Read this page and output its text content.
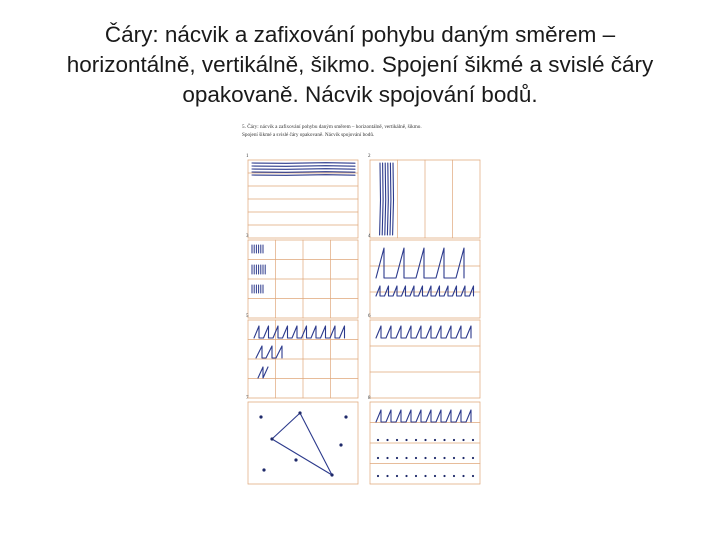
Čáry: nácvik a zafixování pohybu daným směrem –
horizontálně, vertikálně, šikmo. Spojení šikmé a svislé čáry
opakovaně. Nácvik spojování bodů.
5. Čáry: nácvik a zafixování pohybu daným směrem – horizontálně, vertikálně, šikmo.
Spojení šikmé a svislé čáry opakovaně. Nácvik spojování bodů.
1	2
3	4
5	6
7	8
